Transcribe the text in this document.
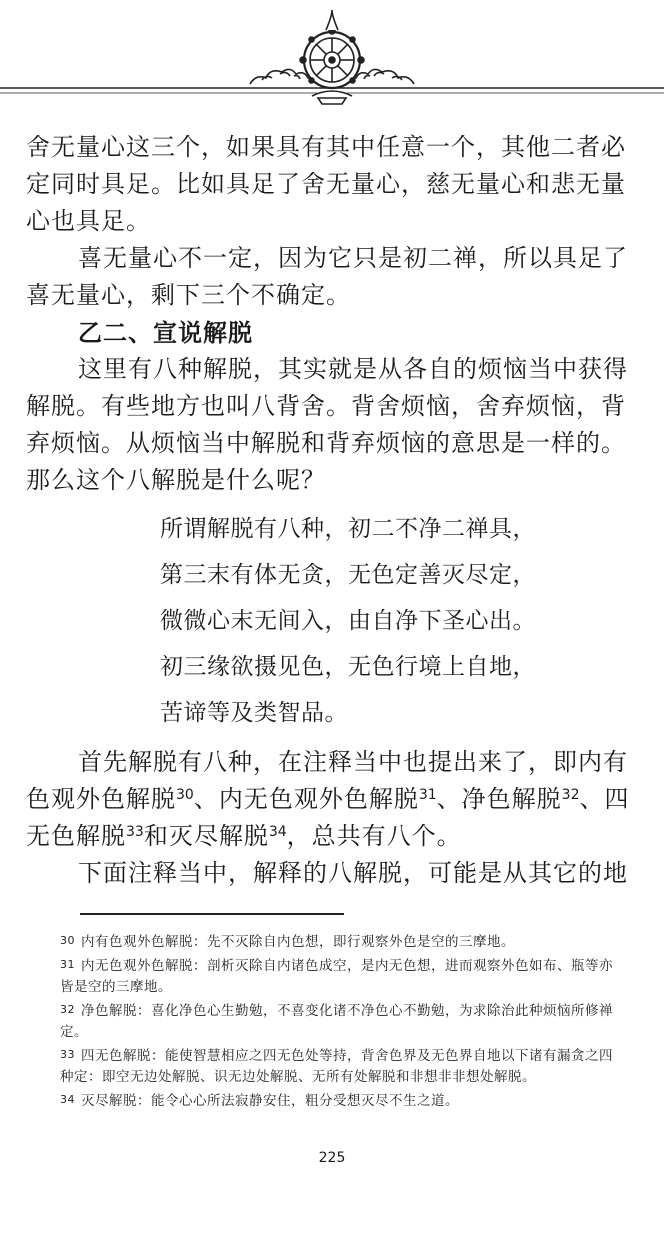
舍无量心这三个，如果具有其中任意一个，其他二者必定同时具足。比如具足了舍无量心，慈无量心和悲无量心也具足。

喜无量心不一定，因为它只是初二禅，所以具足了喜无量心，剩下三个不确定。

乙二、宣说解脱

这里有八种解脱，其实就是从各自的烦恼当中获得解脱。有些地方也叫八背舍。背舍烦恼，舍弃烦恼，背弃烦恼。从烦恼当中解脱和背弃烦恼的意思是一样的。那么这个八解脱是什么呢？

所谓解脱有八种，初二不净二禅具，
第三末有体无贪，无色定善灭尽定，
微微心末无间入，由自净下圣心出。
初三缘欲摄见色，无色行境上自地，
苦谛等及类智品。

首先解脱有八种，在注释当中也提出来了，即内有色观外色解脱$^{30}$、内无色观外色解脱$^{31}$、净色解脱$^{32}$、四无色解脱$^{33}$和灭尽解脱$^{34}$，总共有八个。

下面注释当中，解释的八解脱，可能是从其它的地

30 内有色观外色解脱：先不灭除自内色想，即行观察外色是空的三摩地。

31 内无色观外色解脱：剖析灭除自内诸色成空，是内无色想，进而观察外色如布、瓶等亦皆是空的三摩地。

32 净色解脱：喜化净色心生勤勉，不喜变化诸不净色心不勤勉，为求除治此种烦恼所修禅定。

33 四无色解脱：能使智慧相应之四无色处等持，背舍色界及无色界自地以下诸有漏贪之四种定：即空无边处解脱、识无边处解脱、无所有处解脱和非想非非想处解脱。

34 灭尽解脱：能令心心所法寂静安住，粗分受想灭尽不生之道。

225
